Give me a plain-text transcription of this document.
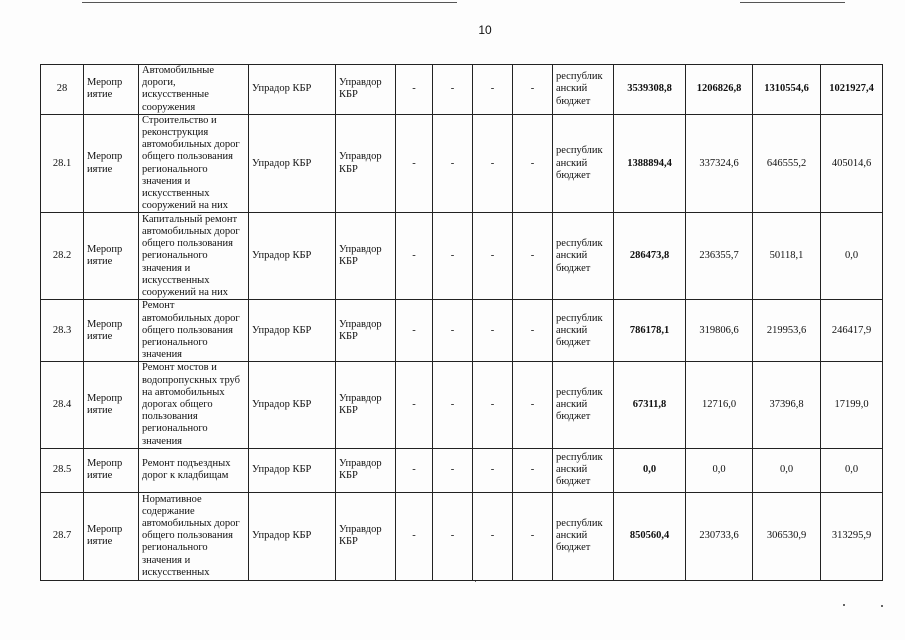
10
28	Меропр иятие	Автомобильные дороги, искусственные сооружения	Упрадор КБР	Управдор КБР	-	-	-	-	республик анский бюджет	3539308,8	1206826,8	1310554,6	1021927,4
28.1	Меропр иятие	Строительство и реконструкция автомобильных дорог общего пользования регионального значения и искусственных сооружений на них	Упрадор КБР	Управдор КБР	-	-	-	-	республик анский бюджет	1388894,4	337324,6	646555,2	405014,6
28.2	Меропр иятие	Капитальный ремонт автомобильных дорог общего пользования регионального значения и искусственных сооружений на них	Упрадор КБР	Управдор КБР	-	-	-	-	республик анский бюджет	286473,8	236355,7	50118,1	0,0
28.3	Меропр иятие	Ремонт автомобильных дорог общего пользования регионального значения	Упрадор КБР	Управдор КБР	-	-	-	-	республик анский бюджет	786178,1	319806,6	219953,6	246417,9
28.4	Меропр иятие	Ремонт мостов и водопропускных труб на автомобильных дорогах общего пользования регионального значения	Упрадор КБР	Управдор КБР	-	-	-	-	республик анский бюджет	67311,8	12716,0	37396,8	17199,0
28.5	Меропр иятие	Ремонт подъездных дорог к кладбищам	Упрадор КБР	Управдор КБР	-	-	-	-	республик анский бюджет	0,0	0,0	0,0	0,0
28.7	Меропр иятие	Нормативное содержание автомобильных дорог общего пользования регионального значения и искусственных	Упрадор КБР	Управдор КБР	-	-	-	-	республик анский бюджет	850560,4	230733,6	306530,9	313295,9
